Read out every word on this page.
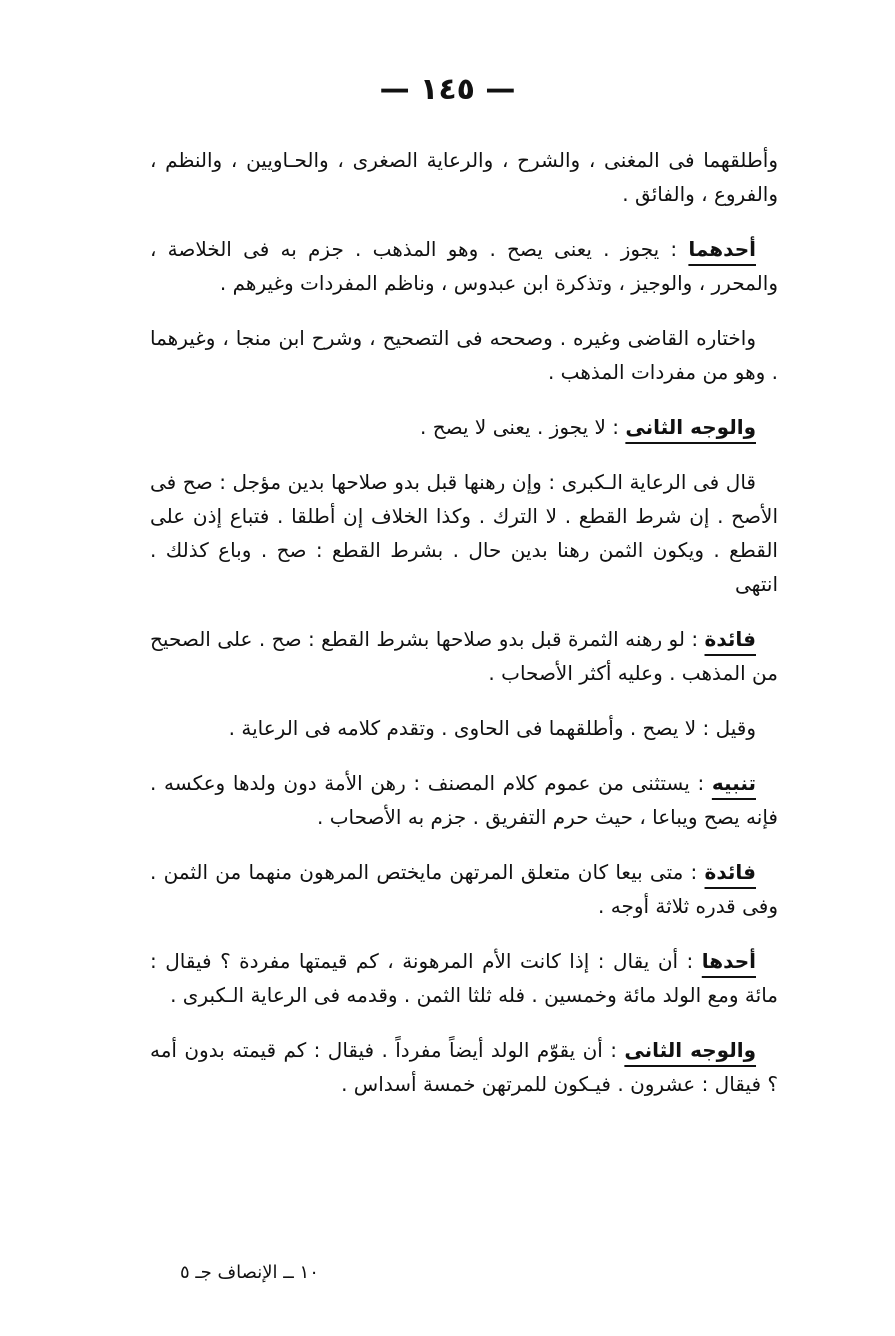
— ١٤٥ —

وأطلقهما فى المغنى ، والشرح ، والرعاية الصغرى ، والحـاويين ، والنظم ، والفروع ، والفائق .

أحدهما : يجوز . يعنى يصح . وهو المذهب . جزم به فى الخلاصة ، والمحرر ، والوجيز ، وتذكرة ابن عبدوس ، وناظم المفردات وغيرهم .

واختاره القاضى وغيره . وصححه فى التصحيح ، وشرح ابن منجا ، وغيرهما . وهو من مفردات المذهب .

والوجه الثانى : لا يجوز . يعنى لا يصح .

قال فى الرعاية الـكبرى : وإن رهنها قبل بدو صلاحها بدين مؤجل : صح فى الأصح . إن شرط القطع . لا الترك . وكذا الخلاف إن أطلقا . فتباع إذن على القطع . ويكون الثمن رهنا بدين حال . بشرط القطع : صح . وباع كذلك . انتهى

فائدة : لو رهنه الثمرة قبل بدو صلاحها بشرط القطع : صح . على الصحيح من المذهب . وعليه أكثر الأصحاب .

وقيل : لا يصح . وأطلقهما فى الحاوى . وتقدم كلامه فى الرعاية .

تنبيه : يستثنى من عموم كلام المصنف : رهن الأمة دون ولدها وعكسه . فإنه يصح ويباعا ، حيث حرم التفريق . جزم به الأصحاب .

فائدة : متى بيعا كان متعلق المرتهن مايختص المرهون منهما من الثمن . وفى قدره ثلاثة أوجه .

أحدها : أن يقال : إذا كانت الأم المرهونة ، كم قيمتها مفردة ؟ فيقال : مائة ومع الولد مائة وخمسين . فله ثلثا الثمن . وقدمه فى الرعاية الـكبرى .

والوجه الثانى : أن يقوّم الولد أيضاً مفرداً . فيقال : كم قيمته بدون أمه ؟ فيقال : عشرون . فيـكون للمرتهن خمسة أسداس .

١٠ ــ الإنصاف جـ ٥
